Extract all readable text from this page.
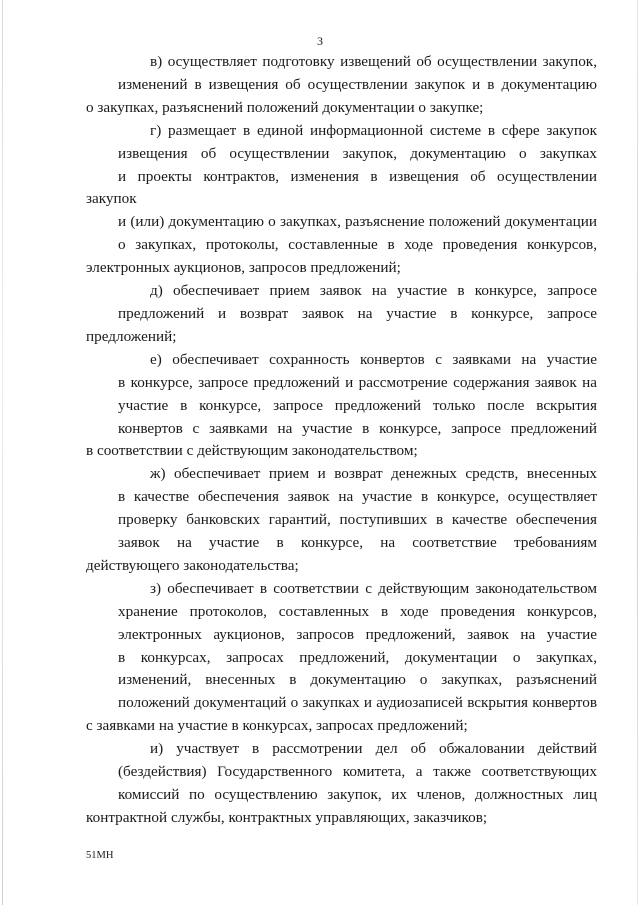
3

в) осуществляет подготовку извещений об осуществлении закупок,
изменений в извещения об осуществлении закупок и в документацию
о закупках, разъяснений положений документации о закупке;

г) размещает в единой информационной системе в сфере закупок
извещения об осуществлении закупок, документацию о закупках
и проекты контрактов, изменения в извещения об осуществлении закупок
и (или) документацию о закупках, разъяснение положений документации
о закупках, протоколы, составленные в ходе проведения конкурсов,
электронных аукционов, запросов предложений;

д) обеспечивает прием заявок на участие в конкурсе, запросе
предложений и возврат заявок на участие в конкурсе, запросе
предложений;

е) обеспечивает сохранность конвертов с заявками на участие
в конкурсе, запросе предложений и рассмотрение содержания заявок на
участие в конкурсе, запросе предложений только после вскрытия
конвертов с заявками на участие в конкурсе, запросе предложений
в соответствии с действующим законодательством;

ж) обеспечивает прием и возврат денежных средств, внесенных
в качестве обеспечения заявок на участие в конкурсе, осуществляет
проверку банковских гарантий, поступивших в качестве обеспечения
заявок на участие в конкурсе, на соответствие требованиям
действующего законодательства;

з) обеспечивает в соответствии с действующим законодательством
хранение протоколов, составленных в ходе проведения конкурсов,
электронных аукционов, запросов предложений, заявок на участие
в конкурсах, запросах предложений, документации о закупках,
изменений, внесенных в документацию о закупках, разъяснений
положений документаций о закупках и аудиозаписей вскрытия конвертов
с заявками на участие в конкурсах, запросах предложений;

и) участвует в рассмотрении дел об обжаловании действий
(бездействия) Государственного комитета, а также соответствующих
комиссий по осуществлению закупок, их членов, должностных лиц
контрактной службы, контрактных управляющих, заказчиков;

51МН
